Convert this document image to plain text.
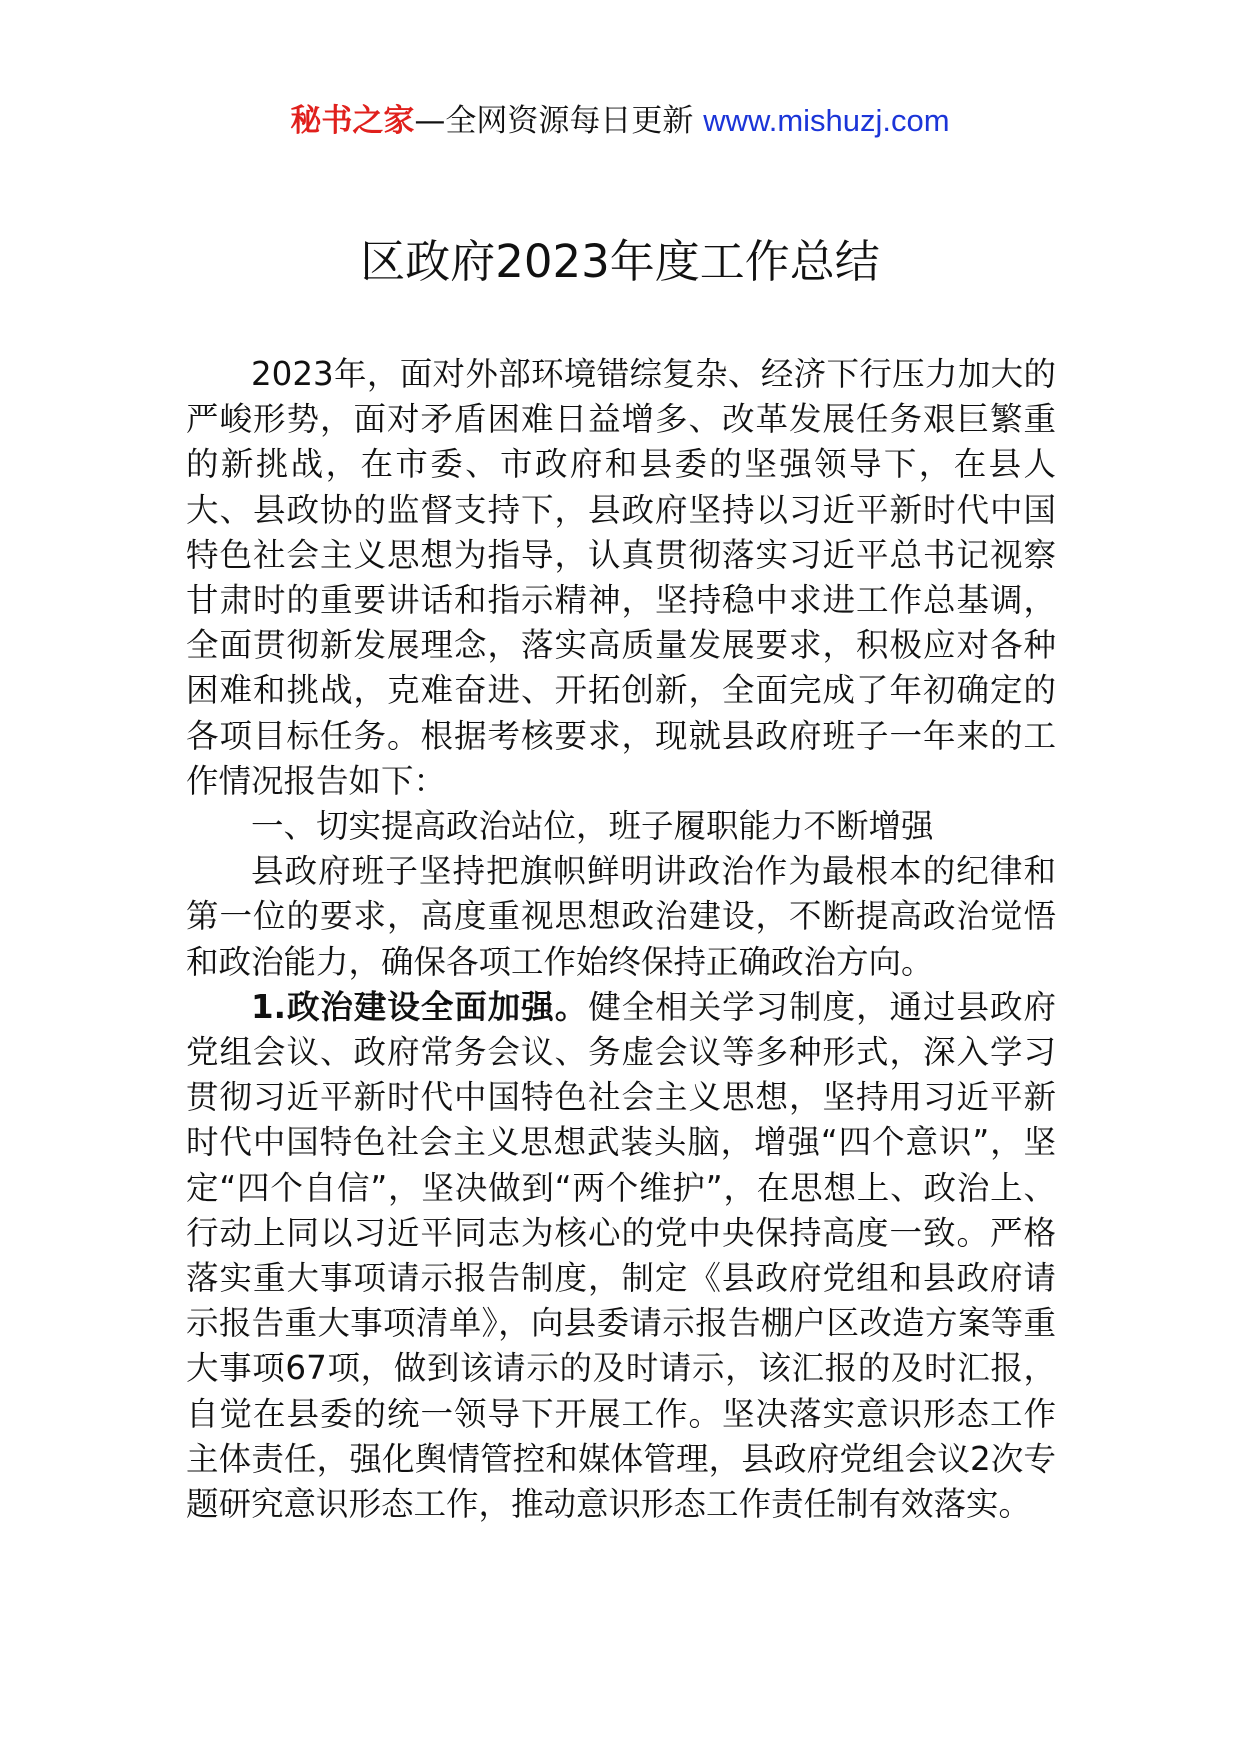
秘书之家—全网资源每日更新 www.mishuzj.com
区政府2023年度工作总结

2023年，面对外部环境错综复杂、经济下行压力加大的严峻形势，面对矛盾困难日益增多、改革发展任务艰巨繁重的新挑战，在市委、市政府和县委的坚强领导下，在县人大、县政协的监督支持下，县政府坚持以习近平新时代中国特色社会主义思想为指导，认真贯彻落实习近平总书记视察甘肃时的重要讲话和指示精神，坚持稳中求进工作总基调，全面贯彻新发展理念，落实高质量发展要求，积极应对各种困难和挑战，克难奋进、开拓创新，全面完成了年初确定的各项目标任务。根据考核要求，现就县政府班子一年来的工作情况报告如下：

一、切实提高政治站位，班子履职能力不断增强

县政府班子坚持把旗帜鲜明讲政治作为最根本的纪律和第一位的要求，高度重视思想政治建设，不断提高政治觉悟和政治能力，确保各项工作始终保持正确政治方向。

1.政治建设全面加强。健全相关学习制度，通过县政府党组会议、政府常务会议、务虚会议等多种形式，深入学习贯彻习近平新时代中国特色社会主义思想，坚持用习近平新时代中国特色社会主义思想武装头脑，增强“四个意识”，坚定“四个自信”，坚决做到“两个维护”，在思想上、政治上、行动上同以习近平同志为核心的党中央保持高度一致。严格落实重大事项请示报告制度，制定《县政府党组和县政府请示报告重大事项清单》，向县委请示报告棚户区改造方案等重大事项67项，做到该请示的及时请示，该汇报的及时汇报，自觉在县委的统一领导下开展工作。坚决落实意识形态工作主体责任，强化舆情管控和媒体管理，县政府党组会议2次专题研究意识形态工作，推动意识形态工作责任制有效落实。
